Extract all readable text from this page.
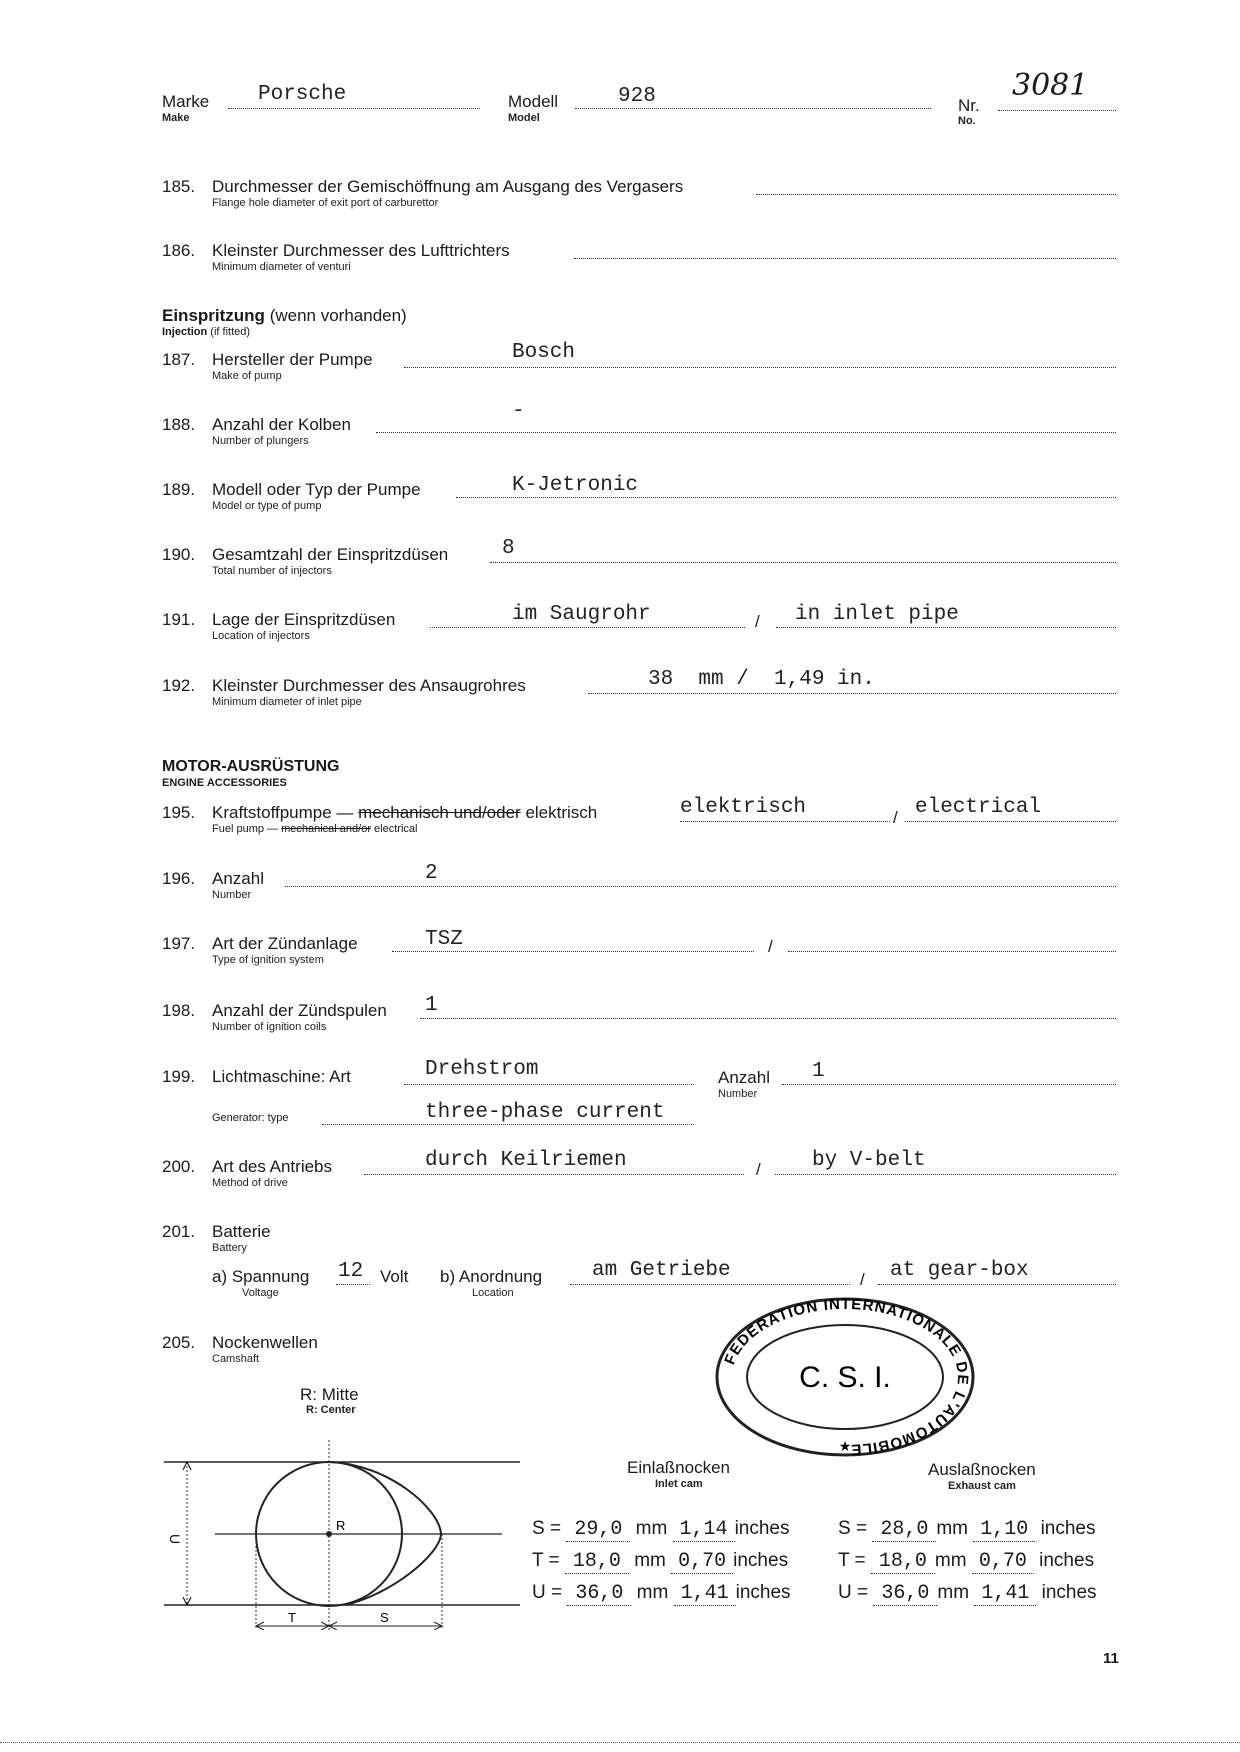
Marke
Make
Porsche	Modell
Model
928	Nr.
No.
3081
185. Durchmesser der Gemischöffnung am Ausgang des Vergasers
Flange hole diameter of exit port of carburettor
186. Kleinster Durchmesser des Lufttrichters
Minimum diameter of venturi
Einspritzung (wenn vorhanden)
Injection (if fitted)
187. Hersteller der Pumpe
Make of pump
Bosch
188. Anzahl der Kolben
Number of plungers
-
189. Modell oder Typ der Pumpe
Model or type of pump
K-Jetronic
190. Gesamtzahl der Einspritzdüsen
Total number of injectors
8
191. Lage der Einspritzdüsen
Location of injectors
im Saugrohr	/ in inlet pipe
192. Kleinster Durchmesser des Ansaugrohres
Minimum diameter of inlet pipe
38  mm /  1,49 in.
MOTOR-AUSRÜSTUNG
ENGINE ACCESSORIES
195. Kraftstoffpumpe — mechanisch und/oder elektrisch
Fuel pump — mechanical and/or electrical
elektrisch	/ electrical
196. Anzahl
Number
2
197. Art der Zündanlage
Type of ignition system
TSZ	/
198. Anzahl der Zündspulen
Number of ignition coils
1
199. Lichtmaschine: Art	Drehstrom	Anzahl
Number
1
Generator: type	three-phase current
200. Art des Antriebs
Method of drive
durch Keilriemen	/ by V-belt
201. Batterie
Battery
a) Spannung
Voltage
12 Volt b) Anordnung
Location
am Getriebe	/ at gear-box
205. Nockenwellen
Camshaft
R: Mitte
R: Center
R
U
T	S
FEDERATION INTERNATIONALE DE L'AUTOMOBILE
C. S. I.
★
Einlaßnocken
Inlet cam
Auslaßnocken
Exhaust cam
S = 29,0 mm 1,14 inches
T = 18,0 mm 0,70 inches
U = 36,0 mm 1,41 inches
S = 28,0 mm 1,10 inches
T = 18,0 mm 0,70 inches
U = 36,0 mm 1,41 inches
11
